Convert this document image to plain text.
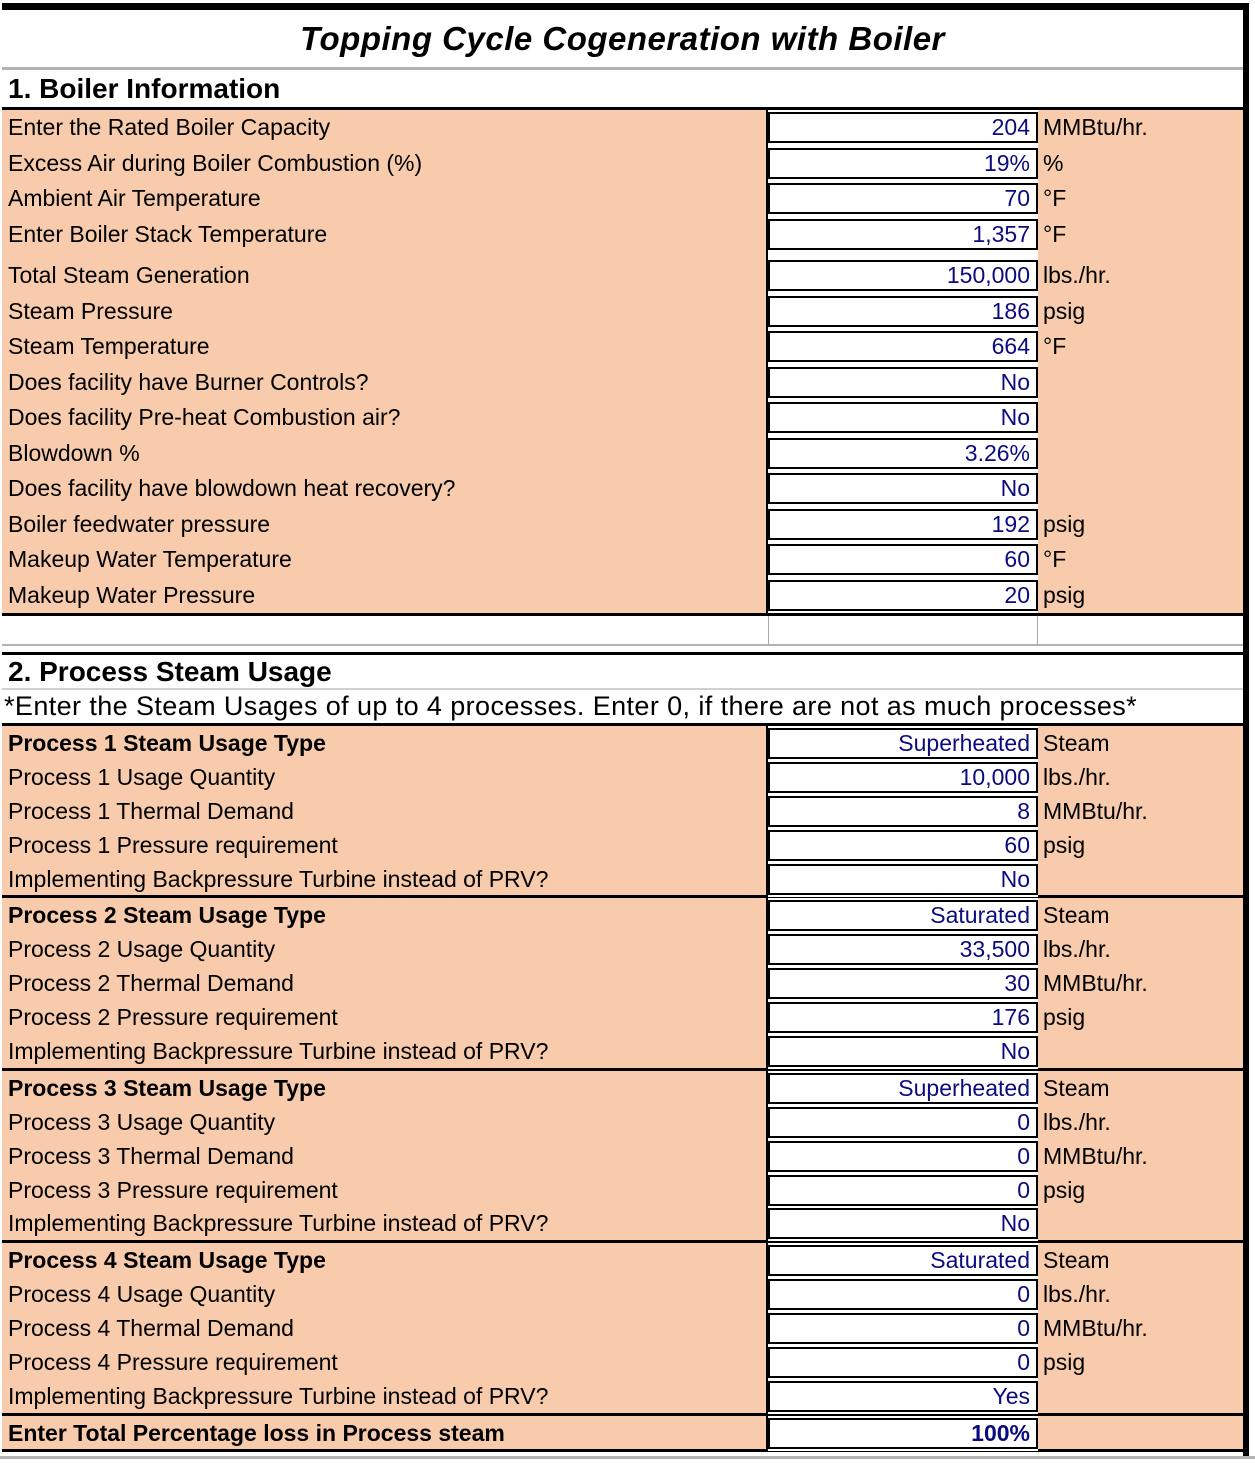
Topping Cycle Cogeneration with Boiler
1. Boiler Information
Enter the Rated Boiler Capacity	204 MMBtu/hr.
Excess Air during Boiler Combustion (%)	19% %
Ambient Air Temperature	70 °F
Enter Boiler Stack Temperature	1,357 °F
Total Steam Generation	150,000 lbs./hr.
Steam Pressure	186 psig
Steam Temperature	664 °F
Does facility have Burner Controls?	No
Does facility Pre-heat Combustion air?	No
Blowdown %	3.26%
Does facility have blowdown heat recovery?	No
Boiler feedwater pressure	192 psig
Makeup Water Temperature	60 °F
Makeup Water Pressure	20 psig
2. Process Steam Usage
*Enter the Steam Usages of up to 4 processes. Enter 0, if there are not as much processes*
Process 1 Steam Usage Type	Superheated Steam
Process 1 Usage Quantity	10,000 lbs./hr.
Process 1 Thermal Demand	8 MMBtu/hr.
Process 1 Pressure requirement	60 psig
Implementing Backpressure Turbine instead of PRV?	No
Process 2 Steam Usage Type	Saturated Steam
Process 2 Usage Quantity	33,500 lbs./hr.
Process 2 Thermal Demand	30 MMBtu/hr.
Process 2 Pressure requirement	176 psig
Implementing Backpressure Turbine instead of PRV?	No
Process 3 Steam Usage Type	Superheated Steam
Process 3 Usage Quantity	0 lbs./hr.
Process 3 Thermal Demand	0 MMBtu/hr.
Process 3 Pressure requirement	0 psig
Implementing Backpressure Turbine instead of PRV?	No
Process 4 Steam Usage Type	Saturated Steam
Process 4 Usage Quantity	0 lbs./hr.
Process 4 Thermal Demand	0 MMBtu/hr.
Process 4 Pressure requirement	0 psig
Implementing Backpressure Turbine instead of PRV?	Yes
Enter Total Percentage loss in Process steam	100%
